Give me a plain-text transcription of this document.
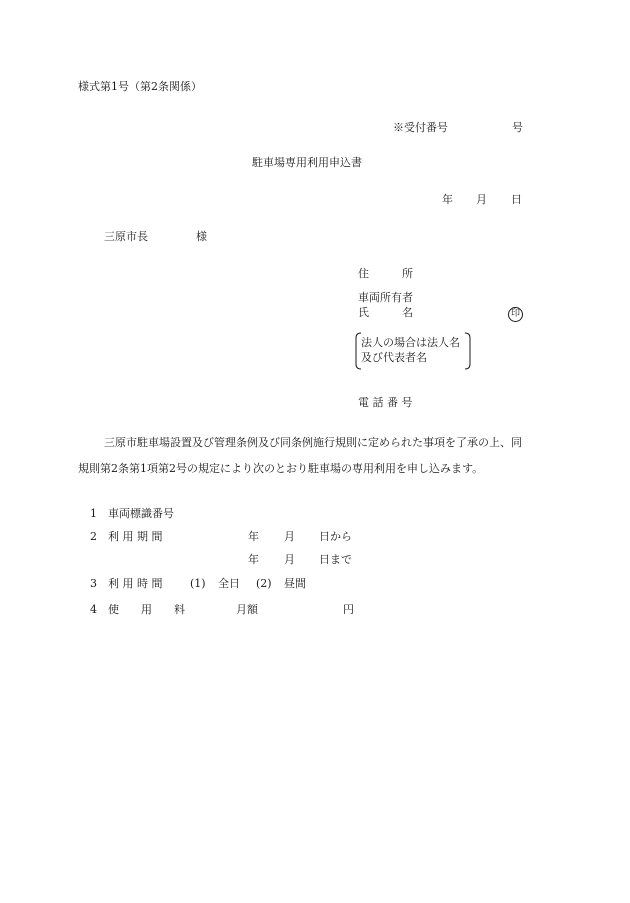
様式第1号（第2条関係）
※受付番号	号
駐車場専用利用申込書
年 月 日
三原市長	様
住　　　所
車両所有者
氏　　　名	印
法人の場合は法人名
及び代表者名
電 話 番 号
三原市駐車場設置及び管理条例及び同条例施行規則に定められた事項を了承の上、同
規則第2条第1項第2号の規定により次のとおり駐車場の専用利用を申し込みます。
1 車両標識番号
2 利 用 期 間	年 月 日から
年 月 日まで
3 利 用 時 間	(1) 全日 (2) 昼間
4 使　　用　　料	月額	円
